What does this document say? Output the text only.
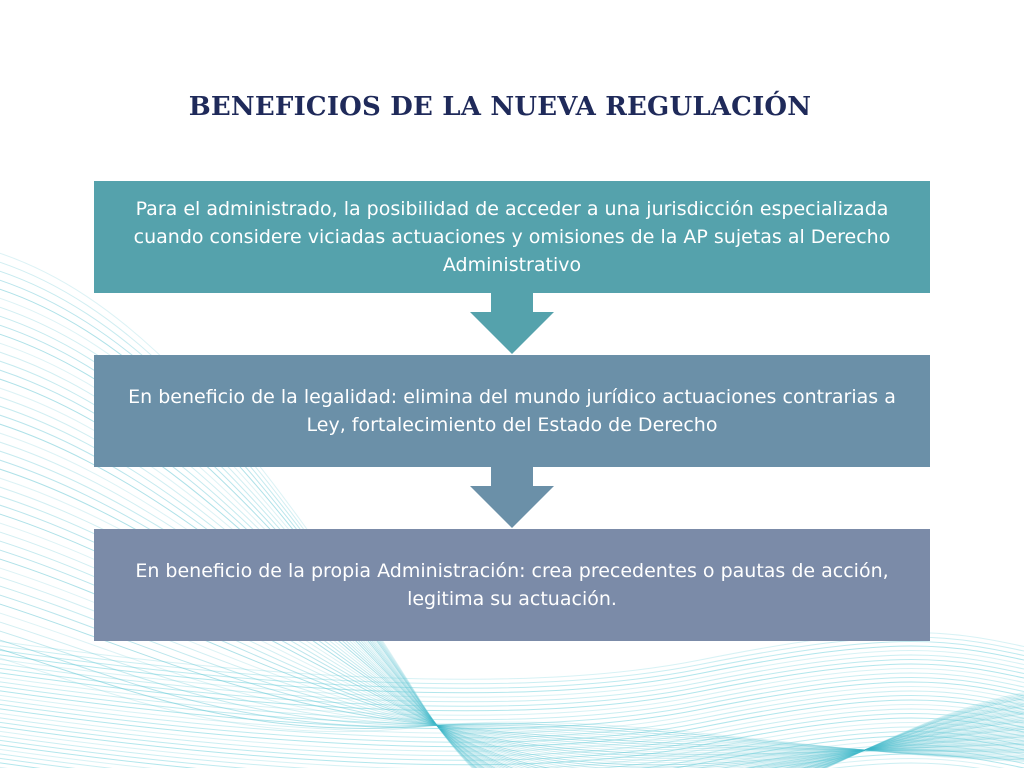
BENEFICIOS DE LA NUEVA REGULACIÓN
Para el administrado, la posibilidad de acceder a una jurisdicción especializada cuando considere viciadas actuaciones y omisiones de la AP sujetas al Derecho Administrativo
En beneficio de la legalidad: elimina del mundo jurídico actuaciones contrarias a Ley, fortalecimiento del Estado de Derecho
En beneficio de la propia Administración: crea precedentes o pautas de acción, legitima su actuación.
